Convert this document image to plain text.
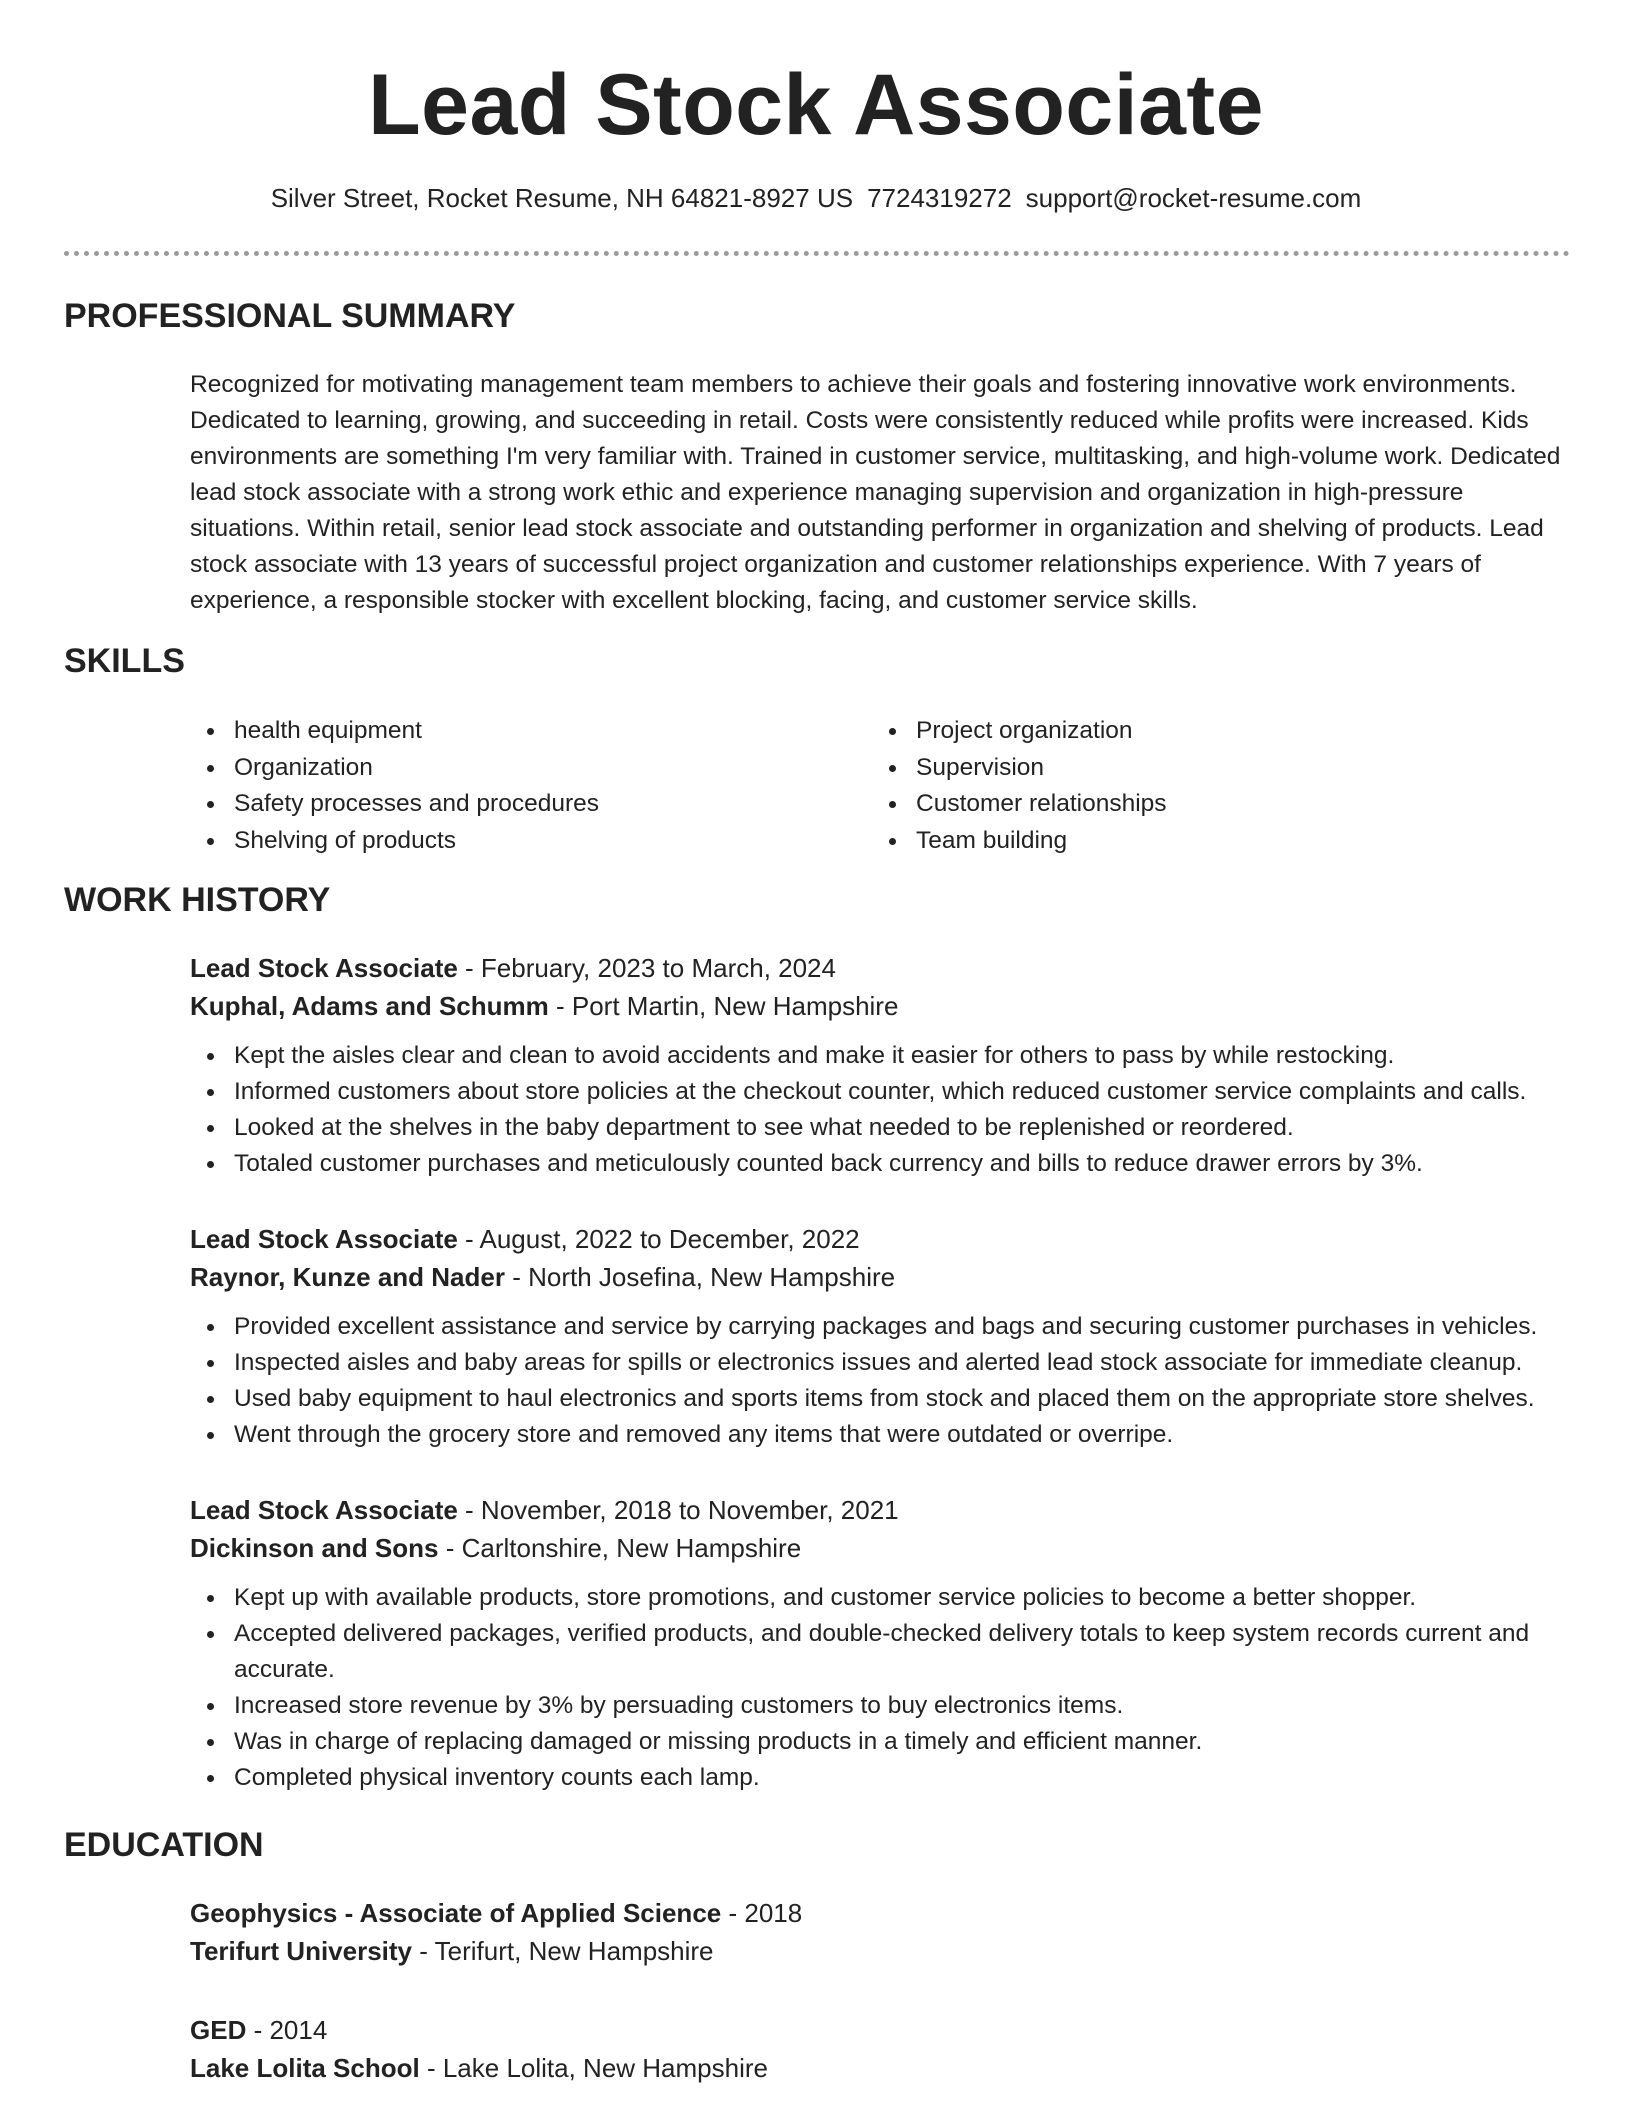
Lead Stock Associate
Silver Street, Rocket Resume, NH 64821-8927 US 7724319272 support@rocket-resume.com
PROFESSIONAL SUMMARY

Recognized for motivating management team members to achieve their goals and fostering innovative work environments. Dedicated to learning, growing, and succeeding in retail. Costs were consistently reduced while profits were increased. Kids environments are something I'm very familiar with. Trained in customer service, multitasking, and high-volume work. Dedicated lead stock associate with a strong work ethic and experience managing supervision and organization in high-pressure situations. Within retail, senior lead stock associate and outstanding performer in organization and shelving of products. Lead stock associate with 13 years of successful project organization and customer relationships experience. With 7 years of experience, a responsible stocker with excellent blocking, facing, and customer service skills.

SKILLS
health equipment
Organization
Safety processes and procedures
Shelving of products
Project organization
Supervision
Customer relationships
Team building
WORK HISTORY

Lead Stock Associate - February, 2023 to March, 2024

Kuphal, Adams and Schumm - Port Martin, New Hampshire

Kept the aisles clear and clean to avoid accidents and make it easier for others to pass by while restocking.
Informed customers about store policies at the checkout counter, which reduced customer service complaints and calls.
Looked at the shelves in the baby department to see what needed to be replenished or reordered.
Totaled customer purchases and meticulously counted back currency and bills to reduce drawer errors by 3%.

Lead Stock Associate - August, 2022 to December, 2022

Raynor, Kunze and Nader - North Josefina, New Hampshire

Provided excellent assistance and service by carrying packages and bags and securing customer purchases in vehicles.
Inspected aisles and baby areas for spills or electronics issues and alerted lead stock associate for immediate cleanup.
Used baby equipment to haul electronics and sports items from stock and placed them on the appropriate store shelves.
Went through the grocery store and removed any items that were outdated or overripe.

Lead Stock Associate - November, 2018 to November, 2021

Dickinson and Sons - Carltonshire, New Hampshire

Kept up with available products, store promotions, and customer service policies to become a better shopper.
Accepted delivered packages, verified products, and double-checked delivery totals to keep system records current and accurate.
Increased store revenue by 3% by persuading customers to buy electronics items.
Was in charge of replacing damaged or missing products in a timely and efficient manner.
Completed physical inventory counts each lamp.
EDUCATION

Geophysics - Associate of Applied Science - 2018

Terifurt University - Terifurt, New Hampshire

GED - 2014

Lake Lolita School - Lake Lolita, New Hampshire
